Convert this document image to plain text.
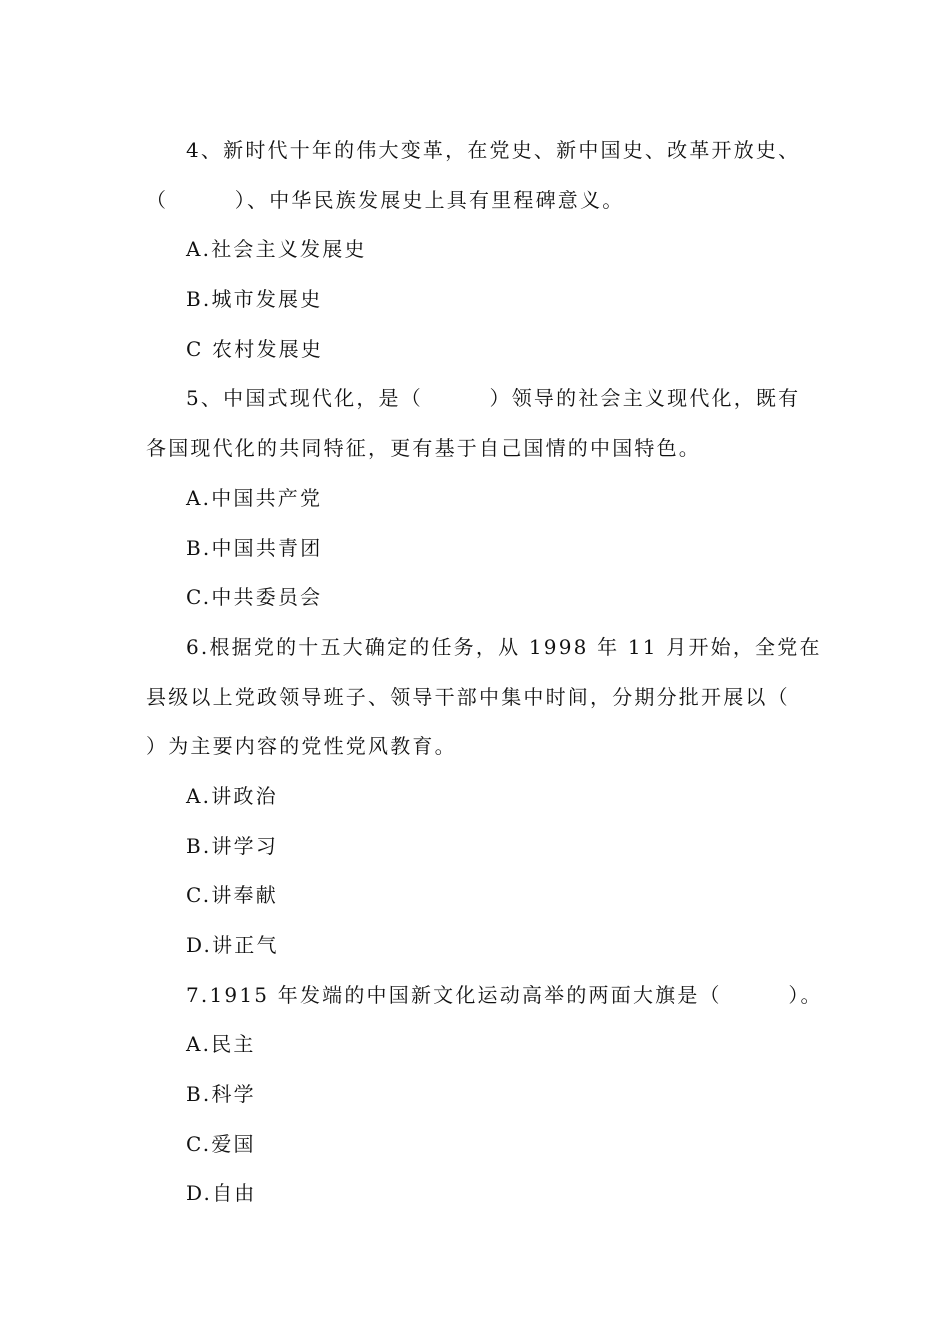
4、新时代十年的伟大变革，在党史、新中国史、改革开放史、
（　　　）、中华民族发展史上具有里程碑意义。
A.社会主义发展史
B.城市发展史
C 农村发展史
5、中国式现代化，是（　　　）领导的社会主义现代化，既有
各国现代化的共同特征，更有基于自己国情的中国特色。
A.中国共产党
B.中国共青团
C.中共委员会
6.根据党的十五大确定的任务，从 1998 年 11 月开始，全党在
县级以上党政领导班子、领导干部中集中时间，分期分批开展以（
）为主要内容的党性党风教育。
A.讲政治
B.讲学习
C.讲奉献
D.讲正气
7.1915 年发端的中国新文化运动高举的两面大旗是（　　　）。
A.民主
B.科学
C.爱国
D.自由
